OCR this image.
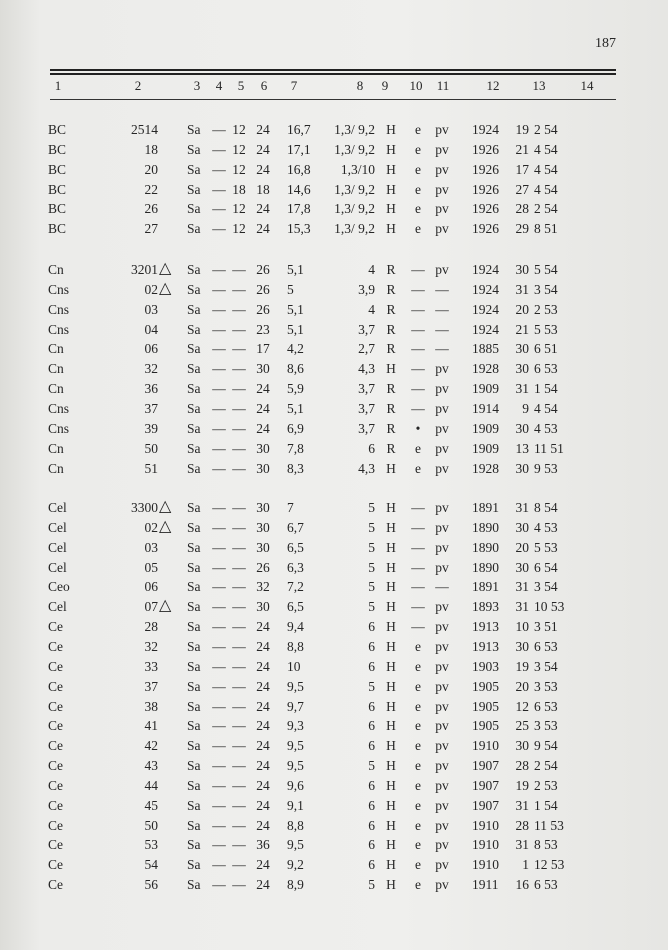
187
1	2	3 4 5 6 7	8 9 10 11	12	13	14
BC	2514 Sa — 12 24	16,7	1,3/ 9,2 H	e	pv	1924	19 2 54
BC	18 Sa — 12 24	17,1	1,3/ 9,2 H	e	pv	1926	21 4 54
BC	20 Sa — 12 24	16,8	1,3/10 H	e	pv	1926	17 4 54
BC	22 Sa — 18 18	14,6	1,3/ 9,2 H	e	pv	1926	27 4 54
BC	26 Sa — 12 24	17,8	1,3/ 9,2 H	e	pv	1926	28 2 54
BC	27 Sa — 12 24	15,3	1,3/ 9,2 H	e	pv	1926	29 8 51
Cn	3201 △ Sa — — 26	5,1	4 R	— pv	1924	30 5 54
Cns	02 △ Sa — — 26	5	3,9 R	— —	1924	31 3 54
Cns	03 Sa — — 26	5,1	4 R	— —	1924	20 2 53
Cns	04 Sa — — 23	5,1	3,7 R	— —	1924	21 5 53
Cn	06 Sa — — 17	4,2	2,7 R	— —	1885	30 6 51
Cn	32 Sa — — 30	8,6	4,3 H	— pv	1928	30 6 53
Cn	36 Sa — — 24	5,9	3,7 R	— pv	1909	31 1 54
Cns	37 Sa — — 24	5,1	3,7 R	— pv	1914	9 4 54
Cns	39 Sa — — 24	6,9	3,7 R	•	pv	1909	30 4 53
Cn	50 Sa — — 30	7,8	6 R	e	pv	1909	13 11 51
Cn	51 Sa — — 30	8,3	4,3 H	e	pv	1928	30 9 53
Cel	3300 △ Sa — — 30	7	5 H	— pv	1891	31 8 54
Cel	02 △ Sa — — 30	6,7	5 H	— pv	1890	30 4 53
Cel	03 Sa — — 30	6,5	5 H	— pv	1890	20 5 53
Cel	05 Sa — — 26	6,3	5 H	— pv	1890	30 6 54
Ceo	06 Sa — — 32	7,2	5 H	— —	1891	31 3 54
Cel	07 △ Sa — — 30	6,5	5 H	— pv	1893	31 10 53
Ce	28 Sa — — 24	9,4	6 H	— pv	1913	10 3 51
Ce	32 Sa — — 24	8,8	6 H	e	pv	1913	30 6 53
Ce	33 Sa — — 24	10	6 H	e	pv	1903	19 3 54
Ce	37 Sa — — 24	9,5	5 H	e	pv	1905	20 3 53
Ce	38 Sa — — 24	9,7	6 H	e	pv	1905	12 6 53
Ce	41 Sa — — 24	9,3	6 H	e	pv	1905	25 3 53
Ce	42 Sa — — 24	9,5	6 H	e	pv	1910	30 9 54
Ce	43 Sa — — 24	9,5	5 H	e	pv	1907	28 2 54
Ce	44 Sa — — 24	9,6	6 H	e	pv	1907	19 2 53
Ce	45 Sa — — 24	9,1	6 H	e	pv	1907	31 1 54
Ce	50 Sa — — 24	8,8	6 H	e	pv	1910	28 11 53
Ce	53 Sa — — 36	9,5	6 H	e	pv	1910	31 8 53
Ce	54 Sa — — 24	9,2	6 H	e	pv	1910	1 12 53
Ce	56 Sa — — 24	8,9	5 H	e	pv	1911	16 6 53
